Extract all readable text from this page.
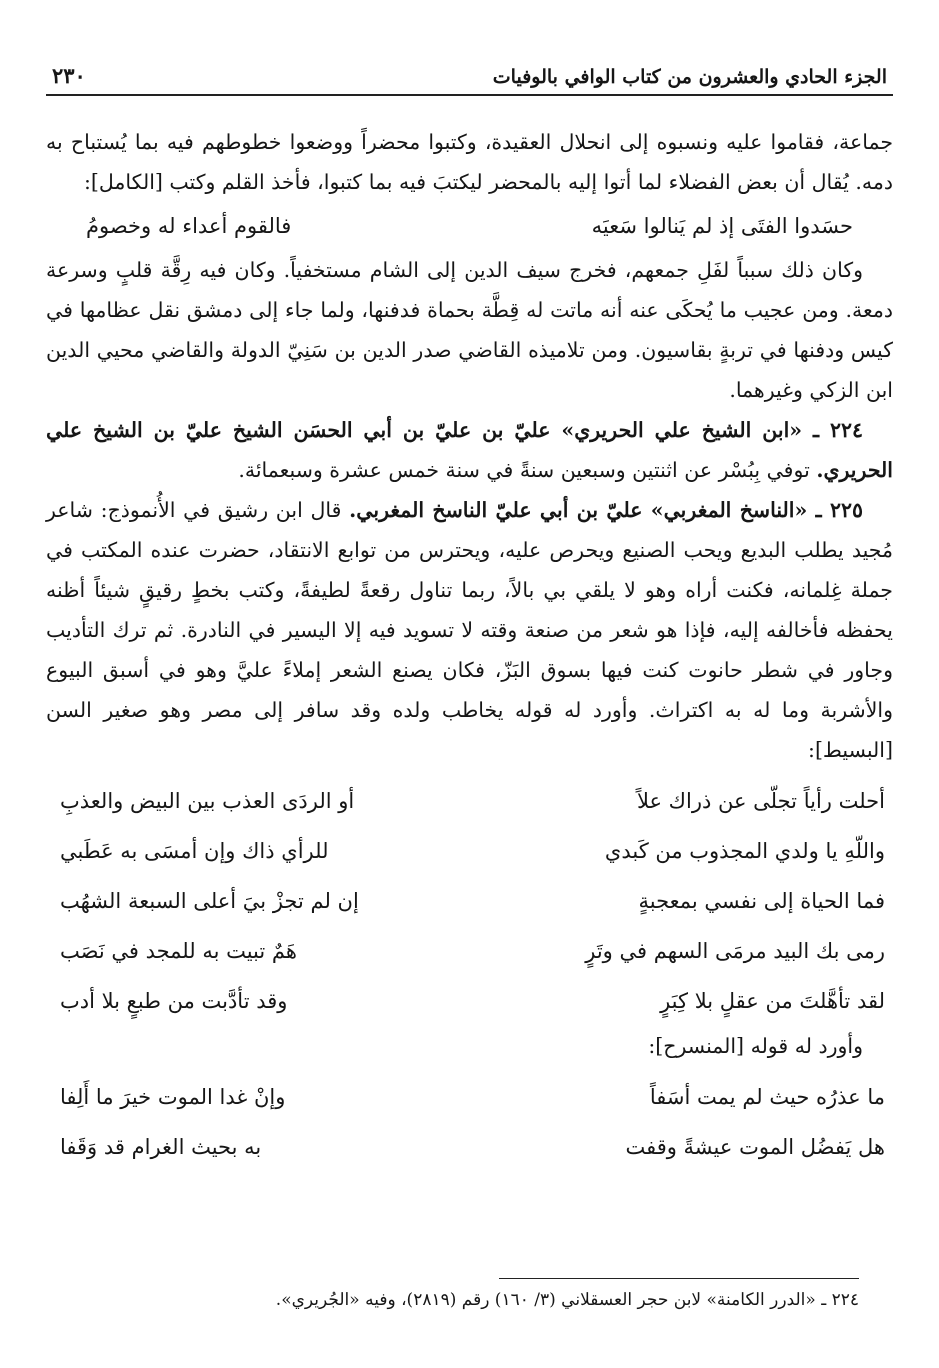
الجزء الحادي والعشرون من كتاب الوافي بالوفيات
٢٣٠

جماعة، فقاموا عليه ونسبوه إلى انحلال العقيدة، وكتبوا محضراً ووضعوا خطوطهم فيه بما يُستباح به دمه. يُقال أن بعض الفضلاء لما أتوا إليه بالمحضر ليكتبَ فيه بما كتبوا، فأخذ القلم وكتب [الكامل]:

حسَدوا الفتَى إذ لم يَنالوا سَعيَه
فالقوم أعداء له وخصومُ

وكان ذلك سبباً لفَلِ جمعهم، فخرج سيف الدين إلى الشام مستخفياً. وكان فيه رِقَّة قلبٍ وسرعة دمعة. ومن عجيب ما يُحكَى عنه أنه ماتت له قِطَّة بحماة فدفنها، ولما جاء إلى دمشق نقل عظامها في كيس ودفنها في تربةٍ بقاسيون. ومن تلاميذه القاضي صدر الدين بن سَنِيّ الدولة والقاضي محيي الدين ابن الزكي وغيرهما.

٢٢٤ ـ «ابن الشيخ علي الحريري» عليّ بن عليّ بن أبي الحسَن الشيخ عليّ بن الشيخ علي الحريري. توفي بِبُسْر عن اثنتين وسبعين سنةً في سنة خمس عشرة وسبعمائة.

٢٢٥ ـ «الناسخ المغربي» عليّ بن أبي عليّ الناسخ المغربي. قال ابن رشيق في الأُنموذج: شاعر مُجيد يطلب البديع ويحب الصنيع ويحرص عليه، ويحترس من توابع الانتقاد، حضرت عنده المكتب في جملة غِلمانه، فكنت أراه وهو لا يلقي بي بالاً، ربما تناول رقعةً لطيفةً، وكتب بخطٍ رقيقٍ شيئاً أظنه يحفظه فأخالفه إليه، فإذا هو شعر من صنعة وقته لا تسويد فيه إلا اليسير في النادرة. ثم ترك التأديب وجاور في شطر حانوت كنت فيها بسوق البَزّ، فكان يصنع الشعر إملاءً عليَّ وهو في أسبق البيوع والأشربة وما له به اكتراث. وأورد له قوله يخاطب ولده وقد سافر إلى مصر وهو صغير السن [البسيط]:

أحلت رأياً تجلّى عن ذراك علاً
أو الردَى العذب بين البيض والعذبِ
واللّهِ يا ولدي المجذوب من كَبدي
للرأي ذاك وإن أمسَى به عَطَبي
فما الحياة إلى نفسي بمعجبةٍ
إن لم تجزْ بيَ أعلى السبعة الشهُب
رمى بك البيد مرمَى السهم في وتَرٍ
هَمٌ تبيت به للمجد في نَصَب
لقد تأهَّلتَ من عقلٍ بلا كِبَرٍ
وقد تأدَّبت من طبعٍ بلا أدب

وأورد له قوله [المنسرح]:

ما عذرُه حيث لم يمت أسَفاً
وإنْ غدا الموت خيرَ ما أَلِفا
هل يَفضُل الموت عيشةً وقفت
به بحيث الغرام قد وَقَفا
٢٢٤ ـ «الدرر الكامنة» لابن حجر العسقلاني (٣/ ١٦٠) رقم (٢٨١٩)، وفيه «الجُريري».
